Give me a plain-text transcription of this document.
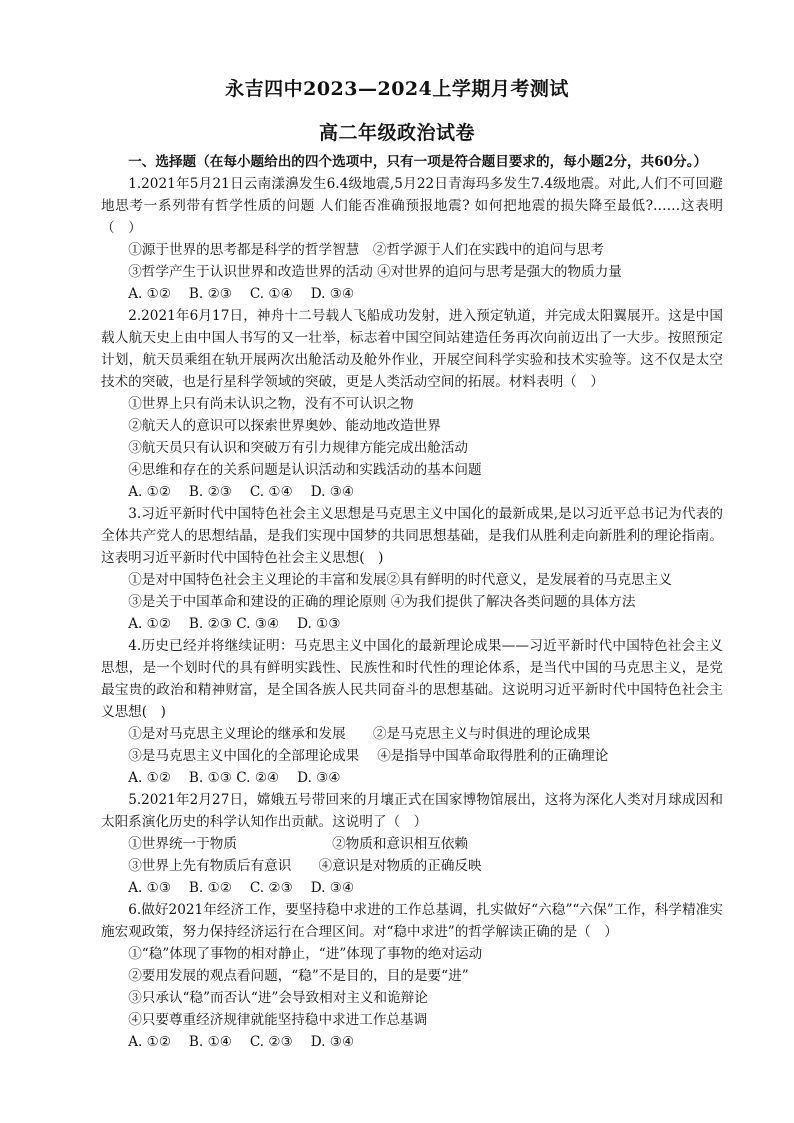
永吉四中2023—2024上学期月考测试
高二年级政治试卷

一、选择题（在每小题给出的四个选项中，只有一项是符合题目要求的，每小题2分，共60分。）

1.2021年5月21日云南漾濞发生6.4级地震,5月22日青海玛多发生7.4级地震。对此,人们不可回避地思考一系列带有哲学性质的问题 人们能否准确预报地震? 如何把地震的损失降至最低?……这表明（　）

①源于世界的思考都是科学的哲学智慧　②哲学源于人们在实践中的追问与思考

③哲学产生于认识世界和改造世界的活动 ④对世界的追问与思考是强大的物质力量

A. ①②　 B. ②③　 C. ①④　 D. ③④

2.2021年6月17日，神舟十二号载人飞船成功发射，进入预定轨道，并完成太阳翼展开。这是中国载人航天史上由中国人书写的又一壮举，标志着中国空间站建造任务再次向前迈出了一大步。按照预定计划，航天员乘组在轨开展两次出舱活动及舱外作业，开展空间科学实验和技术实验等。这不仅是太空技术的突破，也是行星科学领域的突破，更是人类活动空间的拓展。材料表明（　）

①世界上只有尚未认识之物，没有不可认识之物

②航天人的意识可以探索世界奥妙、能动地改造世界

③航天员只有认识和突破万有引力规律方能完成出舱活动

④思维和存在的关系问题是认识活动和实践活动的基本问题

A. ①②　 B. ②③　 C. ①④　 D. ③④

3.习近平新时代中国特色社会主义思想是马克思主义中国化的最新成果,是以习近平总书记为代表的全体共产党人的思想结晶，是我们实现中国梦的共同思想基础，是我们从胜利走向新胜利的理论指南。这表明习近平新时代中国特色社会主义思想(　)

①是对中国特色社会主义理论的丰富和发展②具有鲜明的时代意义，是发展着的马克思主义

③是关于中国革命和建设的正确的理论原则 ④为我们提供了解决各类问题的具体方法

A. ①②　 B. ②③ C. ③④　 D. ①③

4.历史已经并将继续证明：马克思主义中国化的最新理论成果——习近平新时代中国特色社会主义思想，是一个划时代的具有鲜明实践性、民族性和时代性的理论体系，是当代中国的马克思主义，是党最宝贵的政治和精神财富，是全国各族人民共同奋斗的思想基础。这说明习近平新时代中国特色社会主义思想(　)

①是对马克思主义理论的继承和发展　　②是马克思主义与时俱进的理论成果

③是马克思主义中国化的全部理论成果　 ④是指导中国革命取得胜利的正确理论

A. ①②　 B. ①③ C. ②④　 D. ③④

5.2021年2月27日，嫦娥五号带回来的月壤正式在国家博物馆展出，这将为深化人类对月球成因和太阳系演化历史的科学认知作出贡献。这说明了（　）

①世界统一于物质　　　　　　　②物质和意识相互依赖

③世界上先有物质后有意识　　④意识是对物质的正确反映

A. ①③　 B. ①②　 C. ②③　 D. ③④

6.做好2021年经济工作，要坚持稳中求进的工作总基调，扎实做好“六稳”“六保”工作，科学精准实施宏观政策，努力保持经济运行在合理区间。对“稳中求进”的哲学解读正确的是（　）

①“稳”体现了事物的相对静止，“进”体现了事物的绝对运动

②要用发展的观点看问题，“稳”不是目的，目的是要“进”

③只承认“稳”而否认“进”会导致相对主义和诡辩论

④只要尊重经济规律就能坚持稳中求进工作总基调

A. ①②　 B. ①④　 C. ②③　 D. ③④
